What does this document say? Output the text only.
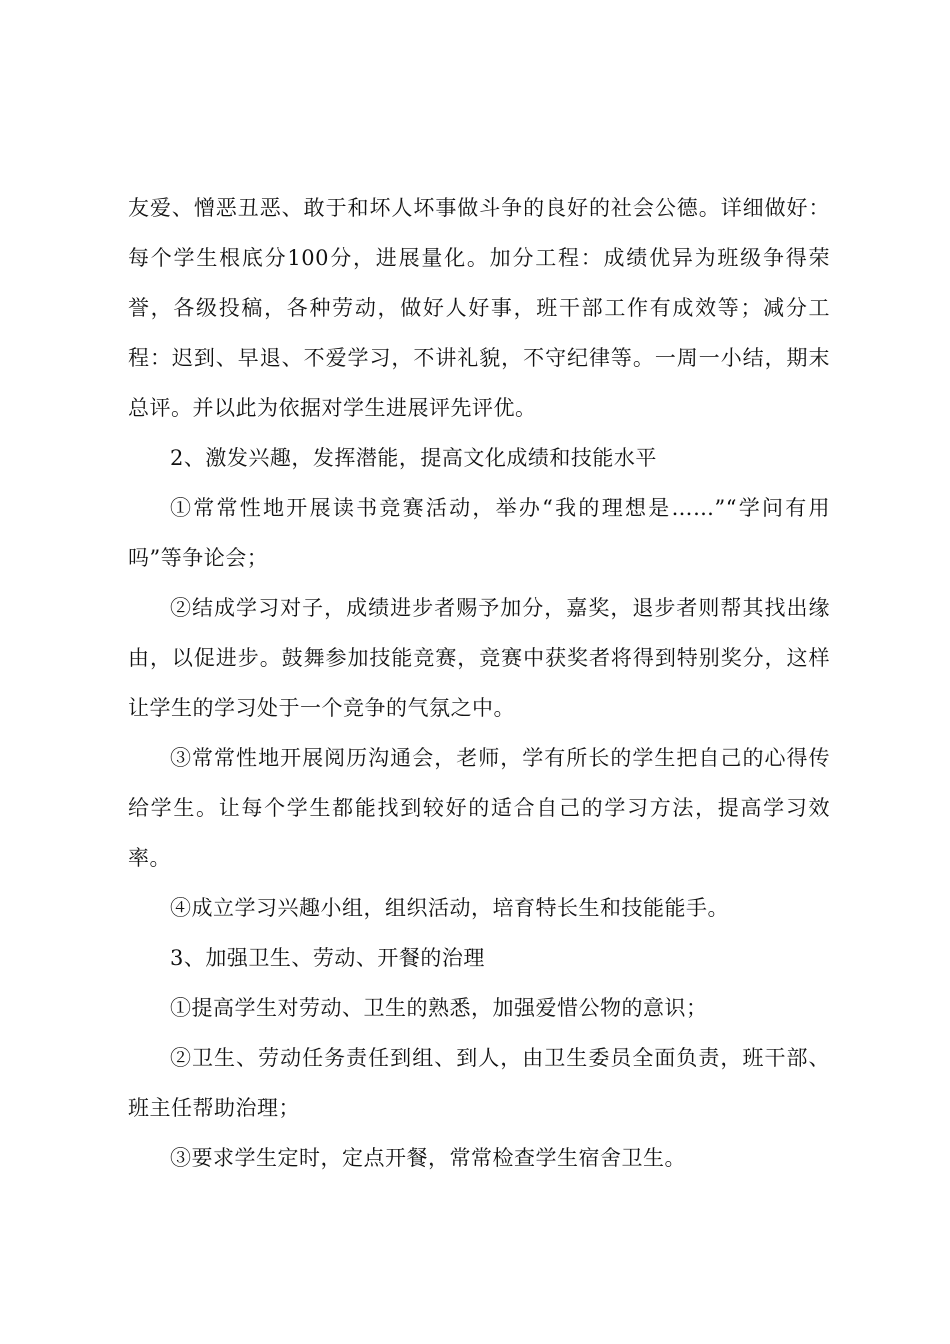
友爱、憎恶丑恶、敢于和坏人坏事做斗争的良好的社会公德。详细做好：每个学生根底分100分，进展量化。加分工程：成绩优异为班级争得荣誉，各级投稿，各种劳动，做好人好事，班干部工作有成效等；减分工程：迟到、早退、不爱学习，不讲礼貌，不守纪律等。一周一小结，期末总评。并以此为依据对学生进展评先评优。

2、激发兴趣，发挥潜能，提高文化成绩和技能水平

①常常性地开展读书竞赛活动，举办“我的理想是……”“学问有用吗”等争论会；

②结成学习对子，成绩进步者赐予加分，嘉奖，退步者则帮其找出缘由，以促进步。鼓舞参加技能竞赛，竞赛中获奖者将得到特别奖分，这样让学生的学习处于一个竞争的气氛之中。

③常常性地开展阅历沟通会，老师，学有所长的学生把自己的心得传给学生。让每个学生都能找到较好的适合自己的学习方法，提高学习效率。

④成立学习兴趣小组，组织活动，培育特长生和技能能手。

3、加强卫生、劳动、开餐的治理

①提高学生对劳动、卫生的熟悉，加强爱惜公物的意识；

②卫生、劳动任务责任到组、到人，由卫生委员全面负责，班干部、班主任帮助治理；

③要求学生定时，定点开餐，常常检查学生宿舍卫生。
